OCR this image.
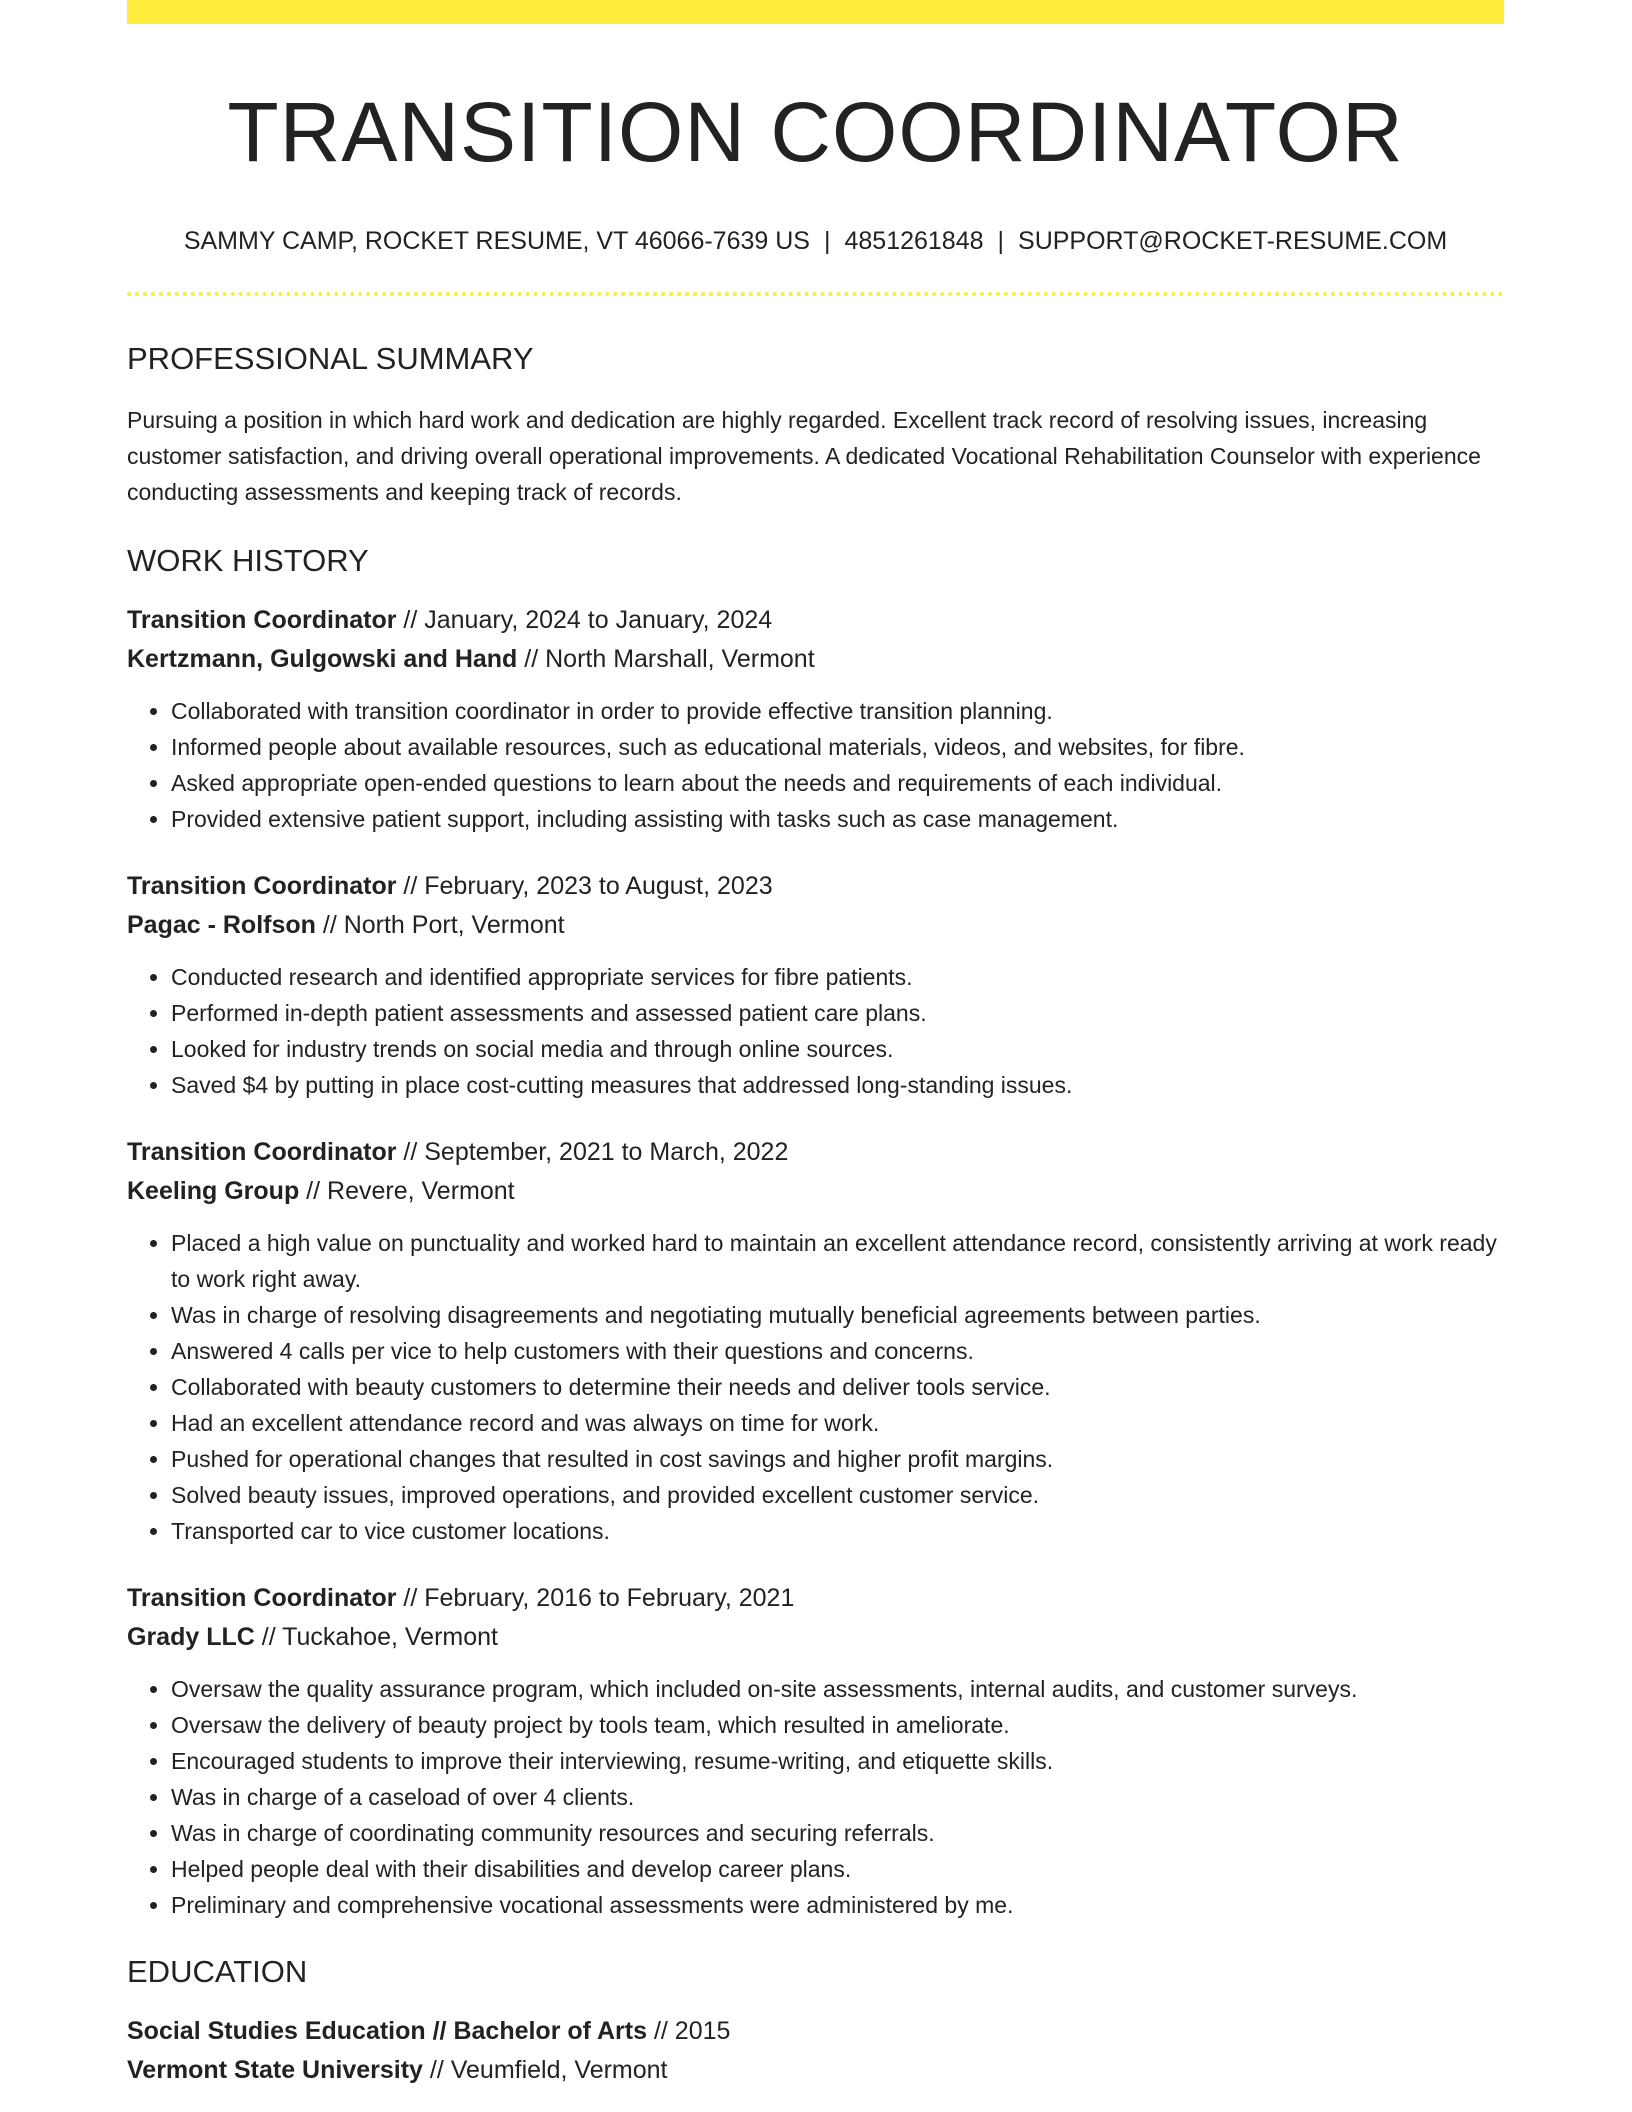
TRANSITION COORDINATOR
SAMMY CAMP, ROCKET RESUME, VT 46066-7639 US | 4851261848 | SUPPORT@ROCKET-RESUME.COM
PROFESSIONAL SUMMARY
Pursuing a position in which hard work and dedication are highly regarded. Excellent track record of resolving issues, increasing customer satisfaction, and driving overall operational improvements. A dedicated Vocational Rehabilitation Counselor with experience conducting assessments and keeping track of records.
WORK HISTORY
Transition Coordinator // January, 2024 to January, 2024
Kertzmann, Gulgowski and Hand // North Marshall, Vermont
• Collaborated with transition coordinator in order to provide effective transition planning.
• Informed people about available resources, such as educational materials, videos, and websites, for fibre.
• Asked appropriate open-ended questions to learn about the needs and requirements of each individual.
• Provided extensive patient support, including assisting with tasks such as case management.
Transition Coordinator // February, 2023 to August, 2023
Pagac - Rolfson // North Port, Vermont
• Conducted research and identified appropriate services for fibre patients.
• Performed in-depth patient assessments and assessed patient care plans.
• Looked for industry trends on social media and through online sources.
• Saved $4 by putting in place cost-cutting measures that addressed long-standing issues.
Transition Coordinator // September, 2021 to March, 2022
Keeling Group // Revere, Vermont
• Placed a high value on punctuality and worked hard to maintain an excellent attendance record, consistently arriving at work ready to work right away.
• Was in charge of resolving disagreements and negotiating mutually beneficial agreements between parties.
• Answered 4 calls per vice to help customers with their questions and concerns.
• Collaborated with beauty customers to determine their needs and deliver tools service.
• Had an excellent attendance record and was always on time for work.
• Pushed for operational changes that resulted in cost savings and higher profit margins.
• Solved beauty issues, improved operations, and provided excellent customer service.
• Transported car to vice customer locations.
Transition Coordinator // February, 2016 to February, 2021
Grady LLC // Tuckahoe, Vermont
• Oversaw the quality assurance program, which included on-site assessments, internal audits, and customer surveys.
• Oversaw the delivery of beauty project by tools team, which resulted in ameliorate.
• Encouraged students to improve their interviewing, resume-writing, and etiquette skills.
• Was in charge of a caseload of over 4 clients.
• Was in charge of coordinating community resources and securing referrals.
• Helped people deal with their disabilities and develop career plans.
• Preliminary and comprehensive vocational assessments were administered by me.
EDUCATION
Social Studies Education // Bachelor of Arts // 2015
Vermont State University // Veumfield, Vermont
